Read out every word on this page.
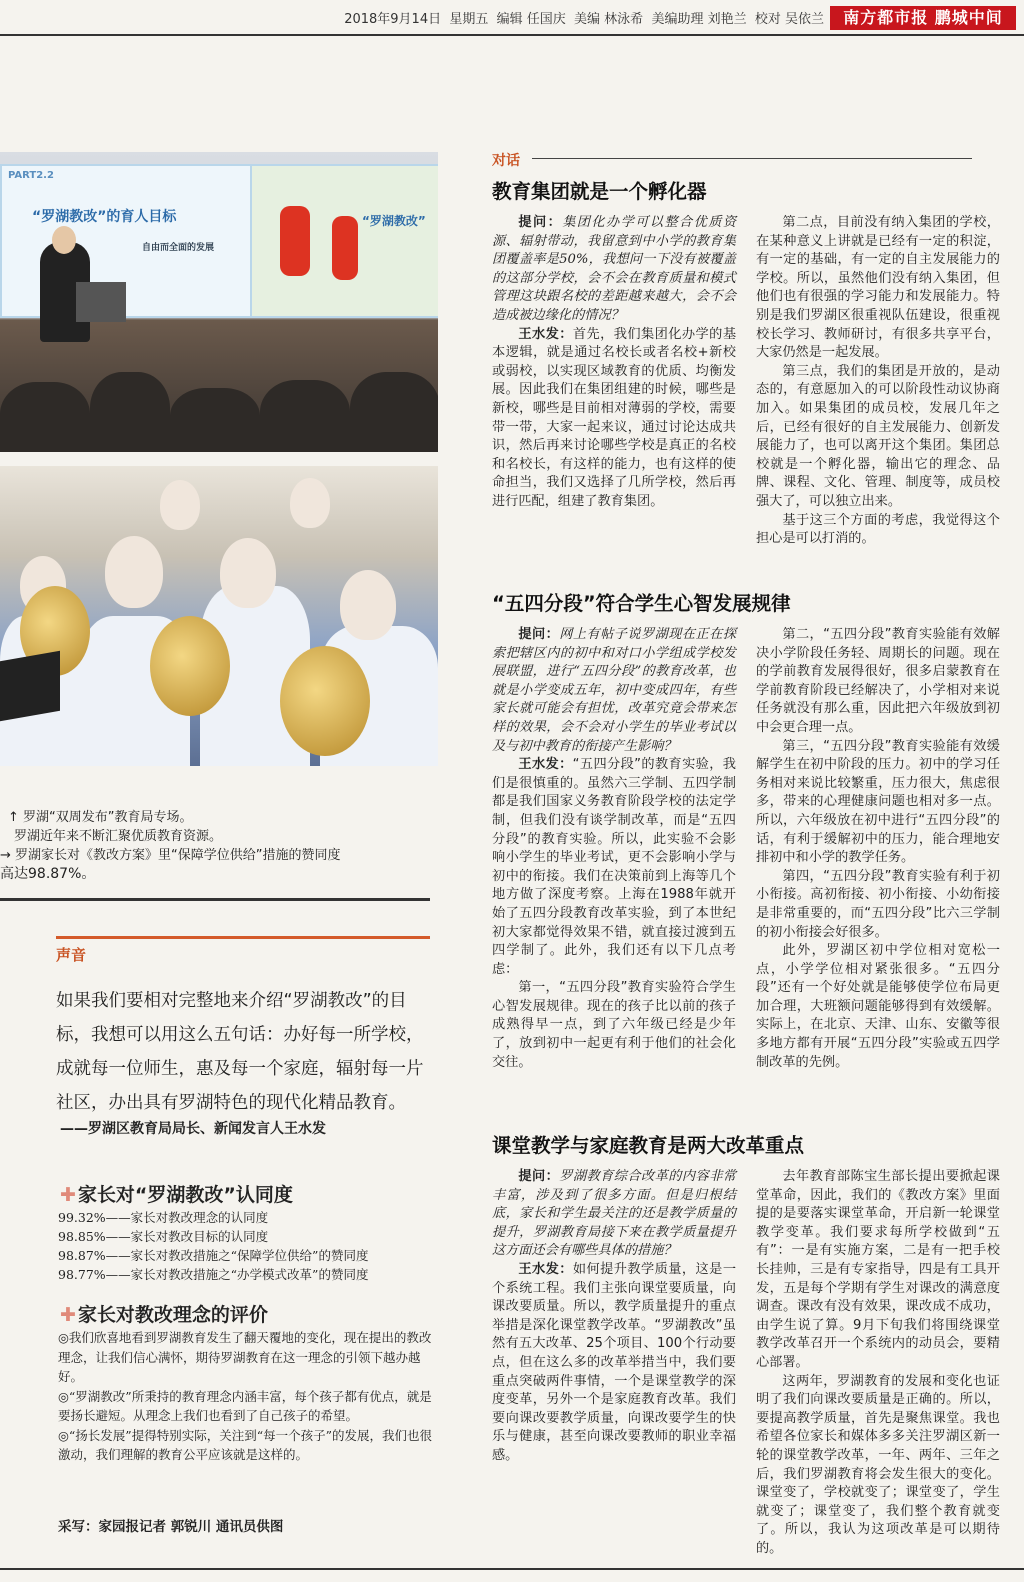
2018年9月14日 星期五 编辑 任国庆 美编 林泳希 美编助理 刘艳兰 校对 吴依兰	南方都市报 鹏城中间
PART2.2
“罗湖教改”的育人目标
自由而全面的发展
“罗湖教改”

↑ 罗湖“双周发布”教育局专场。

罗湖近年来不断汇聚优质教育资源。

→ 罗湖家长对《教改方案》里“保障学位供给”措施的赞同度

高达98.87%。

声音

如果我们要相对完整地来介绍“罗湖教改”的目标，我想可以用这么五句话：办好每一所学校，成就每一位师生，惠及每一个家庭，辐射每一片社区，办出具有罗湖特色的现代化精品教育。

——罗湖区教育局局长、新闻发言人王水发
✚ 家长对“罗湖教改”认同度
99.32%——家长对教改理念的认同度
98.85%——家长对教改目标的认同度
98.87%——家长对教改措施之“保障学位供给”的赞同度
98.77%——家长对教改措施之“办学模式改革”的赞同度
✚ 家长对教改理念的评价

◎我们欣喜地看到罗湖教育发生了翻天覆地的变化，现在提出的教改理念，让我们信心满怀，期待罗湖教育在这一理念的引领下越办越好。

◎“罗湖教改”所秉持的教育理念内涵丰富，每个孩子都有优点，就是要扬长避短。从理念上我们也看到了自己孩子的希望。

◎“扬长发展”提得特别实际，关注到“每一个孩子”的发展，我们也很激动，我们理解的教育公平应该就是这样的。

采写：家园报记者 郭锐川 通讯员供图
对话
教育集团就是一个孵化器

提问：集团化办学可以整合优质资源、辐射带动，我留意到中小学的教育集团覆盖率是50%，我想问一下没有被覆盖的这部分学校，会不会在教育质量和模式管理这块跟名校的差距越来越大，会不会造成被边缘化的情况？

王水发：首先，我们集团化办学的基本逻辑，就是通过名校长或者名校+新校或弱校，以实现区域教育的优质、均衡发展。因此我们在集团组建的时候，哪些是新校，哪些是目前相对薄弱的学校，需要带一带，大家一起来议，通过讨论达成共识，然后再来讨论哪些学校是真正的名校和名校长，有这样的能力，也有这样的使命担当，我们又选择了几所学校，然后再进行匹配，组建了教育集团。

第二点，目前没有纳入集团的学校，在某种意义上讲就是已经有一定的积淀，有一定的基础，有一定的自主发展能力的学校。所以，虽然他们没有纳入集团，但他们也有很强的学习能力和发展能力。特别是我们罗湖区很重视队伍建设，很重视校长学习、教师研讨，有很多共享平台，大家仍然是一起发展。

第三点，我们的集团是开放的，是动态的，有意愿加入的可以阶段性动议协商加入。如果集团的成员校，发展几年之后，已经有很好的自主发展能力、创新发展能力了，也可以离开这个集团。集团总校就是一个孵化器，输出它的理念、品牌、课程、文化、管理、制度等，成员校强大了，可以独立出来。

基于这三个方面的考虑，我觉得这个担心是可以打消的。

“五四分段”符合学生心智发展规律

提问：网上有帖子说罗湖现在正在探索把辖区内的初中和对口小学组成学校发展联盟，进行“五四分段”的教育改革，也就是小学变成五年，初中变成四年，有些家长就可能会有担忧，改革究竟会带来怎样的效果，会不会对小学生的毕业考试以及与初中教育的衔接产生影响？

王水发：“五四分段”的教育实验，我们是很慎重的。虽然六三学制、五四学制都是我们国家义务教育阶段学校的法定学制，但我们没有谈学制改革，而是“五四分段”的教育实验。所以，此实验不会影响小学生的毕业考试，更不会影响小学与初中的衔接。我们在决策前到上海等几个地方做了深度考察。上海在1988年就开始了五四分段教育改革实验，到了本世纪初大家都觉得效果不错，就直接过渡到五四学制了。此外，我们还有以下几点考虑：

第一，“五四分段”教育实验符合学生心智发展规律。现在的孩子比以前的孩子成熟得早一点，到了六年级已经是少年了，放到初中一起更有利于他们的社会化交往。

第二，“五四分段”教育实验能有效解决小学阶段任务轻、周期长的问题。现在的学前教育发展得很好，很多启蒙教育在学前教育阶段已经解决了，小学相对来说任务就没有那么重，因此把六年级放到初中会更合理一点。

第三，“五四分段”教育实验能有效缓解学生在初中阶段的压力。初中的学习任务相对来说比较繁重，压力很大，焦虑很多，带来的心理健康问题也相对多一点。所以，六年级放在初中进行“五四分段”的话，有利于缓解初中的压力，能合理地安排初中和小学的教学任务。

第四，“五四分段”教育实验有利于初小衔接。高初衔接、初小衔接、小幼衔接是非常重要的，而“五四分段”比六三学制的初小衔接会好很多。

此外，罗湖区初中学位相对宽松一点，小学学位相对紧张很多。“五四分段”还有一个好处就是能够使学位布局更加合理，大班额问题能够得到有效缓解。实际上，在北京、天津、山东、安徽等很多地方都有开展“五四分段”实验或五四学制改革的先例。

课堂教学与家庭教育是两大改革重点

提问：罗湖教育综合改革的内容非常丰富，涉及到了很多方面。但是归根结底，家长和学生最关注的还是教学质量的提升，罗湖教育局接下来在教学质量提升这方面还会有哪些具体的措施？

王水发：如何提升教学质量，这是一个系统工程。我们主张向课堂要质量，向课改要质量。所以，教学质量提升的重点举措是深化课堂教学改革。“罗湖教改”虽然有五大改革、25个项目、100个行动要点，但在这么多的改革举措当中，我们要重点突破两件事情，一个是课堂教学的深度变革，另外一个是家庭教育改革。我们要向课改要教学质量，向课改要学生的快乐与健康，甚至向课改要教师的职业幸福感。

去年教育部陈宝生部长提出要掀起课堂革命，因此，我们的《教改方案》里面提的是要落实课堂革命，开启新一轮课堂教学变革。我们要求每所学校做到“五有”：一是有实施方案，二是有一把手校长挂帅，三是有专家指导，四是有工具开发，五是每个学期有学生对课改的满意度调查。课改有没有效果，课改成不成功，由学生说了算。9月下旬我们将围绕课堂教学改革召开一个系统内的动员会，要精心部署。

这两年，罗湖教育的发展和变化也证明了我们向课改要质量是正确的。所以，要提高教学质量，首先是聚焦课堂。我也希望各位家长和媒体多多关注罗湖区新一轮的课堂教学改革，一年、两年、三年之后，我们罗湖教育将会发生很大的变化。课堂变了，学校就变了；课堂变了，学生就变了；课堂变了，我们整个教育就变了。所以，我认为这项改革是可以期待的。
